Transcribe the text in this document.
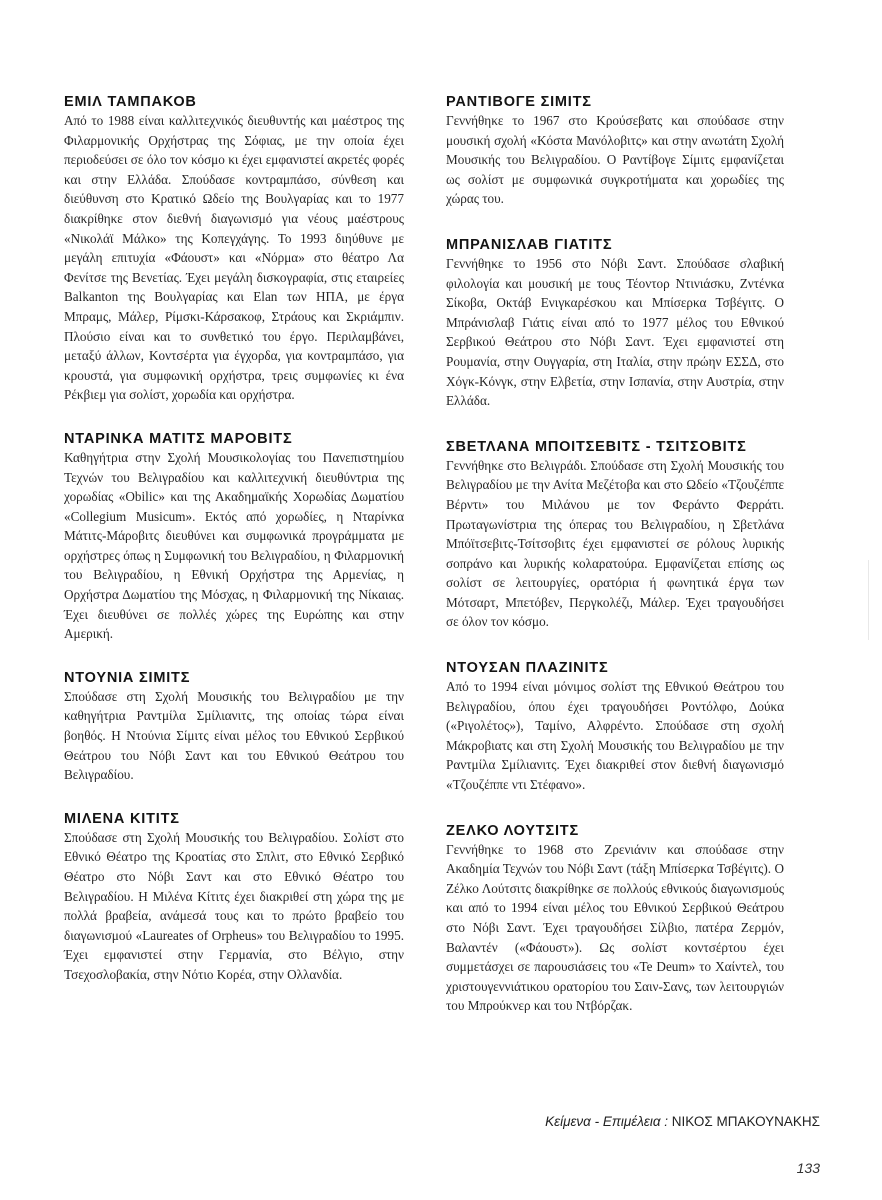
ΕΜΙΛ ΤΑΜΠΑΚΟΒ

Από το 1988 είναι καλλιτεχνικός διευθυντής και μαέστρος της Φιλαρμονικής Ορχήστρας της Σόφιας, με την οποία έχει περιοδεύσει σε όλο τον κόσμο κι έχει εμφανιστεί ακρετές φορές και στην Ελλάδα. Σπούδασε κοντραμπάσο, σύνθεση και διεύθυνση στο Κρατικό Ωδείο της Βουλγαρίας και το 1977 διακρίθηκε στον διεθνή διαγωνισμό για νέους μαέστρους «Νικολάϊ Μάλκο» της Κοπεγχάγης. Το 1993 διηύθυνε με μεγάλη επιτυχία «Φάουστ» και «Νόρμα» στο θέατρο Λα Φενίτσε της Βενετίας. Έχει μεγάλη δισκογραφία, στις εταιρείες Balkanton της Βουλγαρίας και Elan των ΗΠΑ, με έργα Μπραμς, Μάλερ, Ρίμσκι-Κάρσακοφ, Στράους και Σκριάμπιν. Πλούσιο είναι και το συνθετικό του έργο. Περιλαμβάνει, μεταξύ άλλων, Κοντσέρτα για έγχορδα, για κοντραμπάσο, για κρουστά, για συμφωνική ορχήστρα, τρεις συμφωνίες κι ένα Ρέκβιεμ για σολίστ, χορωδία και ορχήστρα.

ΝΤΑΡΙΝΚΑ ΜΑΤΙΤΣ ΜΑΡΟΒΙΤΣ

Καθηγήτρια στην Σχολή Μουσικολογίας του Πανεπιστημίου Τεχνών του Βελιγραδίου και καλλιτεχνική διευθύντρια της χορωδίας «Obilic» και της Ακαδημαϊκής Χορωδίας Δωματίου «Collegium Musicum». Εκτός από χορωδίες, η Νταρίνκα Μάτιτς-Μάροβιτς διευθύνει και συμφωνικά προγράμματα με ορχήστρες όπως η Συμφωνική του Βελιγραδίου, η Φιλαρμονική του Βελιγραδίου, η Εθνική Ορχήστρα της Αρμενίας, η Ορχήστρα Δωματίου της Μόσχας, η Φιλαρμονική της Νίκαιας. Έχει διευθύνει σε πολλές χώρες της Ευρώπης και στην Αμερική.

ΝΤΟΥΝΙΑ ΣΙΜΙΤΣ

Σπούδασε στη Σχολή Μουσικής του Βελιγραδίου με την καθηγήτρια Ραντμίλα Σμίλιανιτς, της οποίας τώρα είναι βοηθός. Η Ντούνια Σίμιτς είναι μέλος του Εθνικού Σερβικού Θεάτρου του Νόβι Σαντ και του Εθνικού Θεάτρου του Βελιγραδίου.

ΜΙΛΕΝΑ ΚΙΤΙΤΣ

Σπούδασε στη Σχολή Μουσικής του Βελιγραδίου. Σολίστ στο Εθνικό Θέατρο της Κροατίας στο Σπλιτ, στο Εθνικό Σερβικό Θέατρο στο Νόβι Σαντ και στο Εθνικό Θέατρο του Βελιγραδίου. Η Μιλένα Κίτιτς έχει διακριθεί στη χώρα της με πολλά βραβεία, ανάμεσά τους και το πρώτο βραβείο του διαγωνισμού «Laureates of Orpheus» του Βελιγραδίου το 1995. Έχει εμφανιστεί στην Γερμανία, στο Βέλγιο, στην Τσεχοσλοβακία, στην Νότιο Κορέα, στην Ολλανδία.

ΡΑΝΤΙΒΟΓΕ ΣΙΜΙΤΣ

Γεννήθηκε το 1967 στο Κρούσεβατς και σπούδασε στην μουσική σχολή «Κόστα Μανόλοβιτς» και στην ανωτάτη Σχολή Μουσικής του Βελιγραδίου. Ο Ραντίβογε Σίμιτς εμφανίζεται ως σολίστ με συμφωνικά συγκροτήματα και χορωδίες της χώρας του.

ΜΠΡΑΝΙΣΛΑΒ ΓΙΑΤΙΤΣ

Γεννήθηκε το 1956 στο Νόβι Σαντ. Σπούδασε σλαβική φιλολογία και μουσική με τους Τέοντορ Ντινιάσκυ, Ζντένκα Σίκοβα, Οκτάβ Ενιγκαρέσκου και Μπίσερκα Τσβέγιτς. Ο Μπράνισλαβ Γιάτις είναι από το 1977 μέλος του Εθνικού Σερβικού Θεάτρου στο Νόβι Σαντ. Έχει εμφανιστεί στη Ρουμανία, στην Ουγγαρία, στη Ιταλία, στην πρώην ΕΣΣΔ, στο Χόγκ-Κόνγκ, στην Ελβετία, στην Ισπανία, στην Αυστρία, στην Ελλάδα.

ΣΒΕΤΛΑΝΑ ΜΠΟΙΤΣΕΒΙΤΣ - ΤΣΙΤΣΟΒΙΤΣ

Γεννήθηκε στο Βελιγράδι. Σπούδασε στη Σχολή Μουσικής του Βελιγραδίου με την Ανίτα Μεζέτοβα και στο Ωδείο «Τζουζέππε Βέρντι» του Μιλάνου με τον Φεράντο Φερράτι. Πρωταγωνίστρια της όπερας του Βελιγραδίου, η Σβετλάνα Μπόϊτσεβιτς-Τσίτσοβιτς έχει εμφανιστεί σε ρόλους λυρικής σοπράνο και λυρικής κολαρατούρα. Εμφανίζεται επίσης ως σολίστ σε λειτουργίες, ορατόρια ή φωνητικά έργα των Μότσαρτ, Μπετόβεν, Περγκολέζι, Μάλερ. Έχει τραγουδήσει σε όλον τον κόσμο.

ΝΤΟΥΣΑΝ ΠΛΑΖΙΝΙΤΣ

Από το 1994 είναι μόνιμος σολίστ της Εθνικού Θεάτρου του Βελιγραδίου, όπου έχει τραγουδήσει Ροντόλφο, Δούκα («Ριγολέτος»), Ταμίνο, Αλφρέντο. Σπούδασε στη σχολή Μάκροβιατς και στη Σχολή Μουσικής του Βελιγραδίου με την Ραντμίλα Σμίλιανιτς. Έχει διακριθεί στον διεθνή διαγωνισμό «Τζουζέππε ντι Στέφανο».

ΖΕΛΚΟ ΛΟΥΤΣΙΤΣ

Γεννήθηκε το 1968 στο Ζρενιάνιν και σπούδασε στην Ακαδημία Τεχνών του Νόβι Σαντ (τάξη Μπίσερκα Τσβέγιτς). Ο Ζέλκο Λούτσιτς διακρίθηκε σε πολλούς εθνικούς διαγωνισμούς και από το 1994 είναι μέλος του Εθνικού Σερβικού Θεάτρου στο Νόβι Σαντ. Έχει τραγουδήσει Σίλβιο, πατέρα Ζερμόν, Βαλαντέν («Φάουστ»). Ως σολίστ κοντσέρτου έχει συμμετάσχει σε παρουσιάσεις του «Te Deum» το Χαίντελ, του χριστουγεννιάτικου ορατορίου του Σαιν-Σανς, των λειτουργιών του Μπρούκνερ και του Ντβόρζακ.

Κείμενα - Επιμέλεια : ΝΙΚΟΣ ΜΠΑΚΟΥΝΑΚΗΣ
133
